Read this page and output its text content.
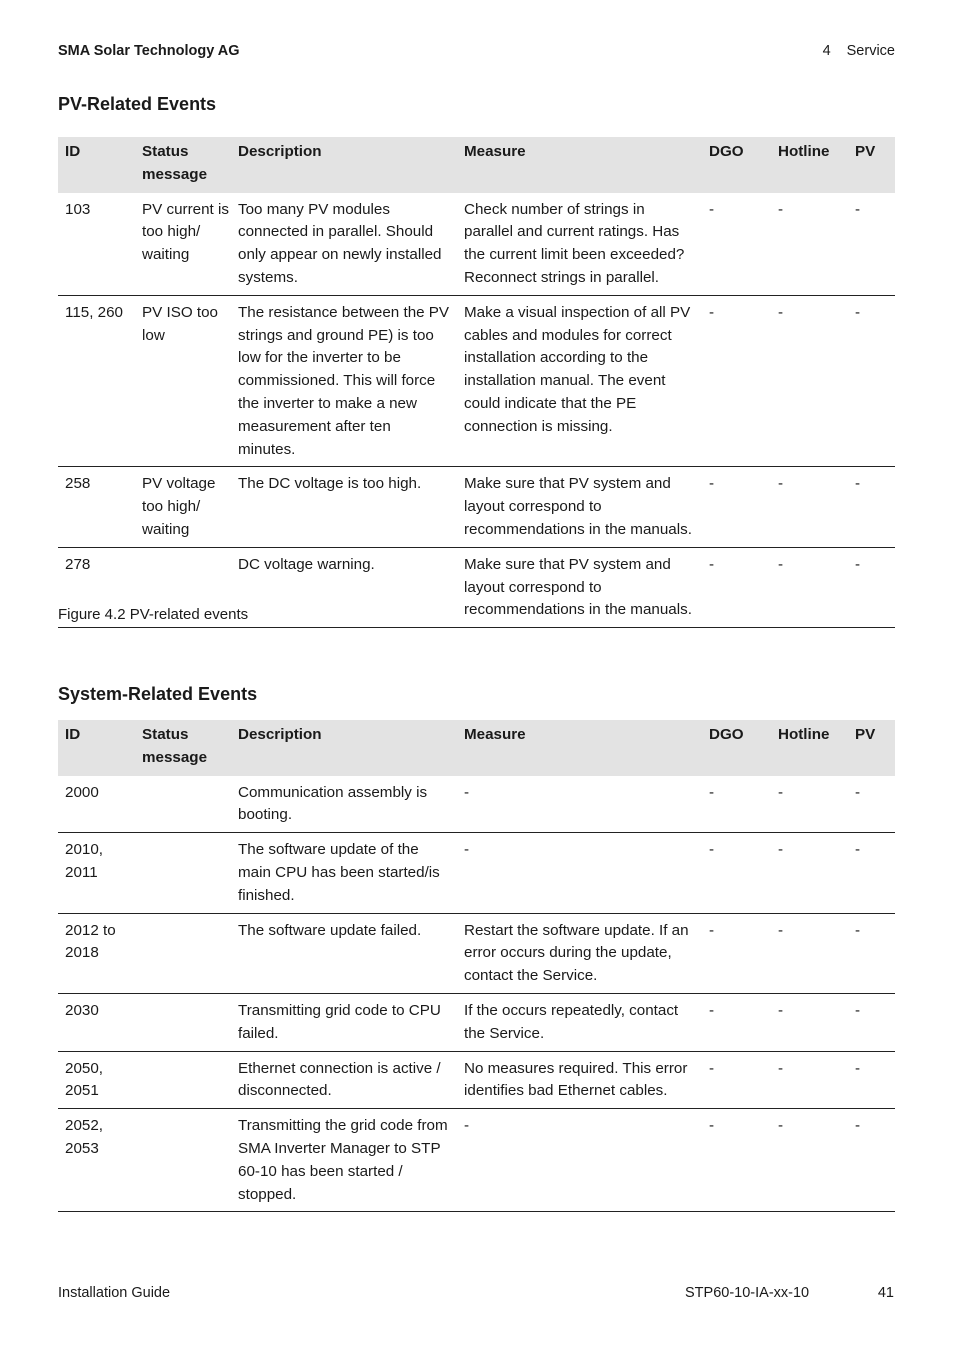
SMA Solar Technology AG	4 Service
PV-Related Events
ID	Status message	Description	Measure	DGO	Hotline	PV
103	PV current is too high/ waiting	Too many PV modules connected in parallel. Should only appear on newly installed systems.	Check number of strings in parallel and current ratings. Has the current limit been exceeded? Reconnect strings in parallel.	-	-	-
115, 260	PV ISO too low	The resistance between the PV strings and ground PE) is too low for the inverter to be commissioned. This will force the inverter to make a new measurement after ten minutes.	Make a visual inspection of all PV cables and modules for correct installation according to the installation manual. The event could indicate that the PE connection is missing.	-	-	-
258	PV voltage too high/ waiting	The DC voltage is too high.	Make sure that PV system and layout correspond to recommendations in the manuals.	-	-	-
278		DC voltage warning.	Make sure that PV system and layout correspond to recommendations in the manuals.	-	-	-
Figure 4.2 PV-related events
System-Related Events
ID	Status message	Description	Measure	DGO	Hotline	PV
2000		Communication assembly is booting.	-	-	-	-
2010, 2011		The software update of the main CPU has been started/is finished.	-	-	-	-
2012 to 2018		The software update failed.	Restart the software update. If an error occurs during the update, contact the Service.	-	-	-
2030		Transmitting grid code to CPU failed.	If the occurs repeatedly, contact the Service.	-	-	-
2050, 2051		Ethernet connection is active / disconnected.	No measures required. This error identifies bad Ethernet cables.	-	-	-
2052, 2053		Transmitting the grid code from SMA Inverter Manager to STP 60-10 has been started / stopped.	-	-	-	-
Installation Guide	STP60-10-IA-xx-10	41
